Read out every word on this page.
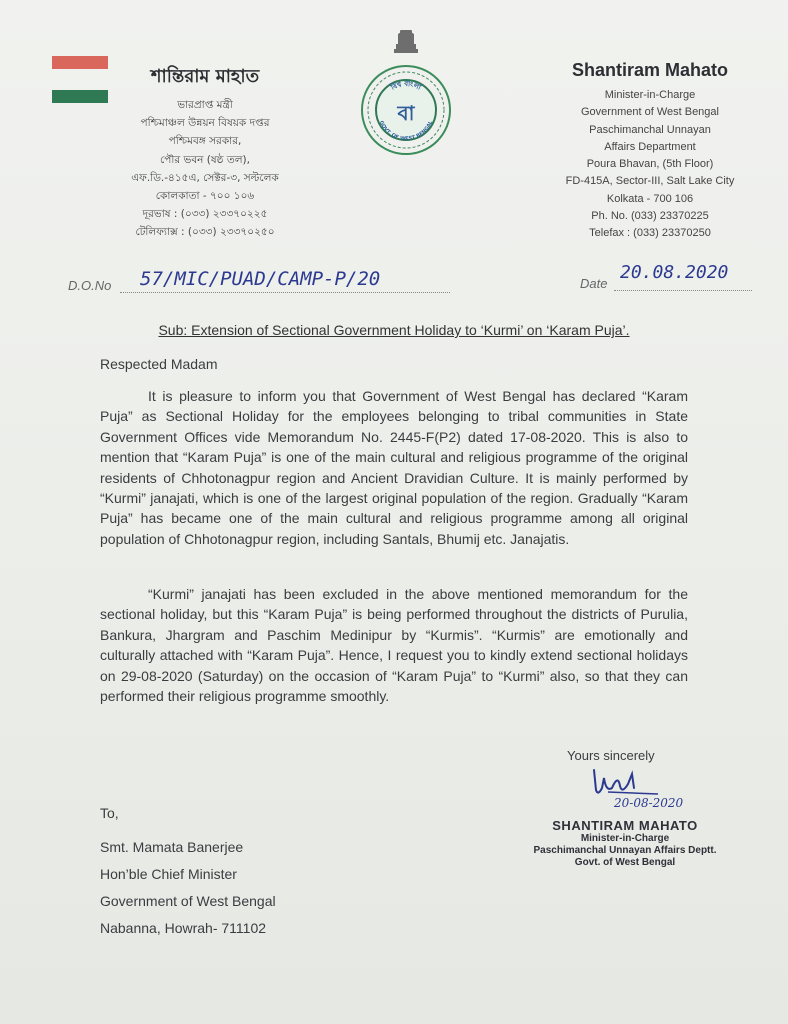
শান্তিরাম মাহাত
ভারপ্রাপ্ত মন্ত্রী
পশ্চিমাঞ্চল উন্নয়ন বিষয়ক দপ্তর
পশ্চিমবঙ্গ সরকার,
পৌর ভবন (ষষ্ঠ তল),
এফ.ডি.-৪১৫এ, সেক্টর-৩, সল্টলেক
কোলকাতা - ৭০০ ১০৬
দূরভাষ : (০৩৩) ২৩৩৭০২২৫
টেলিফ্যাক্স : (০৩৩) ২৩৩৭০২৫০
বিশ্ব বাংলা
GOVT. OF WEST BENGAL
বা
Shantiram Mahato
Minister-in-Charge
Government of West Bengal
Paschimanchal Unnayan
Affairs Department
Poura Bhavan, (5th Floor)
FD-415A, Sector-III, Salt Lake City
Kolkata - 700 106
Ph. No. (033) 23370225
Telefax : (033) 23370250
D.O.No 57/MIC/PUAD/CAMP-P/20	Date
20.08.2020
Sub: Extension of Sectional Government Holiday to ‘Kurmi’ on ‘Karam Puja’.
Respected Madam
It is pleasure to inform you that Government of West Bengal has declared “Karam Puja” as Sectional Holiday for the employees belonging to tribal communities in State Government Offices vide Memorandum No. 2445-F(P2) dated 17-08-2020. This is also to mention that “Karam Puja” is one of the main cultural and religious programme of the original residents of Chhotonagpur region and Ancient Dravidian Culture. It is mainly performed by “Kurmi” janajati, which is one of the largest original population of the region. Gradually “Karam Puja” has became one of the main cultural and religious programme among all original population of Chhotonagpur region, including Santals, Bhumij etc. Janajatis.
“Kurmi” janajati has been excluded in the above mentioned memorandum for the sectional holiday, but this “Karam Puja” is being performed throughout the districts of Purulia, Bankura, Jhargram and Paschim Medinipur by “Kurmis”. “Kurmis” are emotionally and culturally attached with “Karam Puja”. Hence, I request you to kindly extend sectional holidays on 29-08-2020 (Saturday) on the occasion of “Karam Puja” to “Kurmi” also, so that they can performed their religious programme smoothly.
Yours sincerely
20-08-2020
SHANTIRAM MAHATO
Minister-in-Charge
Paschimanchal Unnayan Affairs Deptt.
Govt. of West Bengal
To,
Smt. Mamata Banerjee
Hon’ble Chief Minister
Government of West Bengal
Nabanna, Howrah- 711102
